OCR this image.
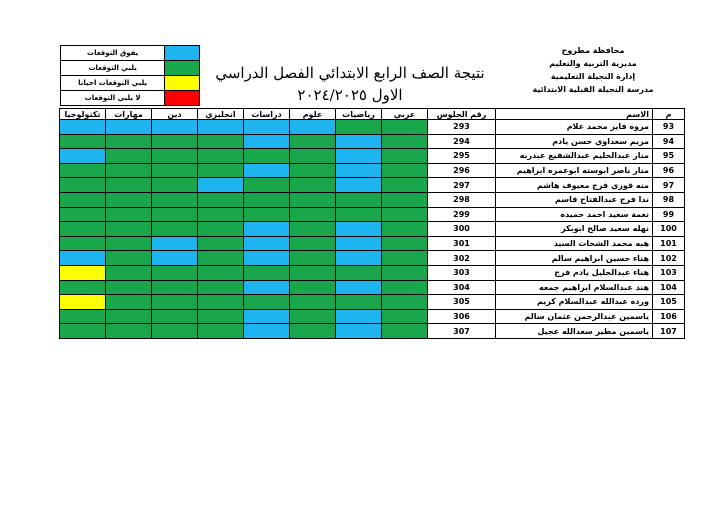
يفوق التوقعات	
يلبي التوقعات	
يلبي التوقعات احيانا	
لا يلبي التوقعات	
نتيجة الصف الرابع الابتدائي الفصل الدراسي
الاول ٢٠٢٤/٢٠٢٥
محافظة مطروح
مديرية التربية والتعليم
إدارة النجيلة التعليمية
مدرسة النجيلة القبلية الابتدائية
م	الاسم	رقم الجلوس	عربي	رياضيات	علوم	دراسات	انجليزي	دين	مهارات	تكنولوجيا
93	مروه فايز محمد علام	293								
94	مريم سعداوي حسن يادم	294								
95	منار عبدالحليم عبدالشفيع عبدربه	295								
96	منار ناصر ابوسته ابوعمره ابراهيم	296								
97	منه فوزي فرج معيوف هاشم	297								
98	ندا فرج عبدالفتاح قاسم	298								
99	نعمة سعيد احمد حميده	299								
100	نهله سعيد صالح ابوبكر	300								
101	هبه محمد الشحات السيد	301								
102	هناء حسين ابراهيم سالم	302								
103	هناء عبدالجليل يادم فرج	303								
104	هند عبدالسلام ابراهيم جمعه	304								
105	ورده عبدالله عبدالسلام كريم	305								
106	ياسمين عبدالرحمن عثمان سالم	306								
107	ياسمين مطير سعدالله عجيل	307								
